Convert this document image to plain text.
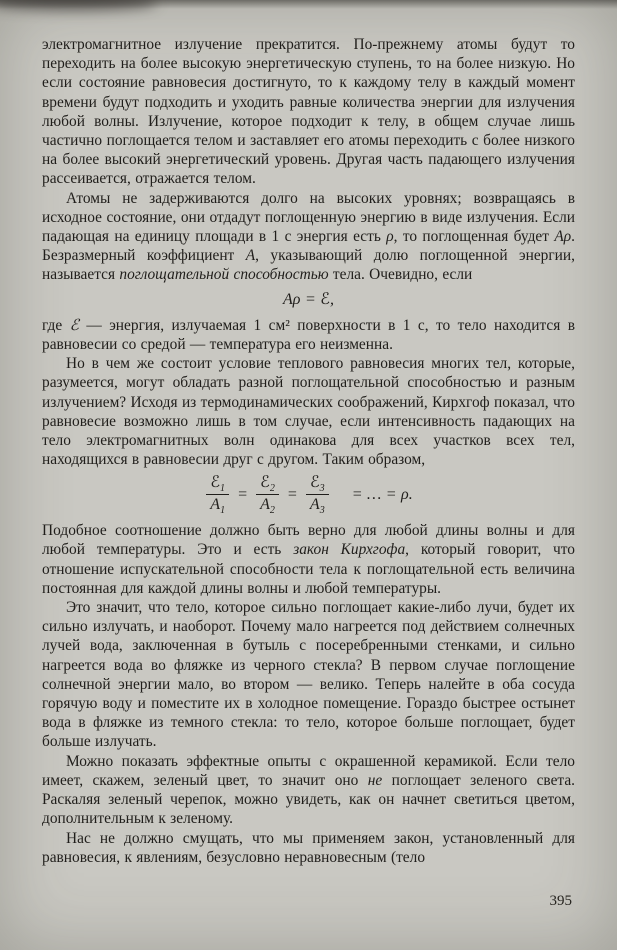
электромагнитное излучение прекратится. По-прежнему атомы будут то переходить на более высокую энергетическую ступень, то на более низкую. Но если состояние равновесия достигнуто, то к каждому телу в каждый момент времени будут подходить и уходить равные количества энергии для излучения любой волны. Излучение, которое подходит к телу, в общем случае лишь частично поглощается телом и заставляет его атомы переходить с более низкого на более высокий энергетический уровень. Другая часть падающего излучения рассеивается, отражается телом.

Атомы не задерживаются долго на высоких уровнях; возвращаясь в исходное состояние, они отдадут поглощенную энергию в виде излучения. Если падающая на единицу площади в 1 с энергия есть ρ, то поглощенная будет Aρ. Безразмерный коэффициент A, указывающий долю поглощенной энергии, называется поглощательной способностью тела. Очевидно, если

Aρ = ℰ,

где ℰ — энергия, излучаемая 1 см² поверхности в 1 с, то тело находится в равновесии со средой — температура его неизменна.

Но в чем же состоит условие теплового равновесия многих тел, которые, разумеется, могут обладать разной поглощательной способностью и разным излучением? Исходя из термодинамических соображений, Кирхгоф показал, что равновесие возможно лишь в том случае, если интенсивность падающих на тело электромагнитных волн одинакова для всех участков всех тел, находящихся в равновесии друг с другом. Таким образом,

$\frac{ℰ_1}{A_1} = \frac{ℰ_2}{A_2} = \frac{ℰ_3}{A_3}$ = … = ρ.

Подобное соотношение должно быть верно для любой длины волны и для любой температуры. Это и есть закон Кирхгофа, который говорит, что отношение испускательной способности тела к поглощательной есть величина постоянная для каждой длины волны и любой температуры.

Это значит, что тело, которое сильно поглощает какие-либо лучи, будет их сильно излучать, и наоборот. Почему мало нагреется под действием солнечных лучей вода, заключенная в бутыль с посеребренными стенками, и сильно нагреется вода во фляжке из черного стекла? В первом случае поглощение солнечной энергии мало, во втором — велико. Теперь налейте в оба сосуда горячую воду и поместите их в холодное помещение. Гораздо быстрее остынет вода в фляжке из темного стекла: то тело, которое больше поглощает, будет больше излучать.

Можно показать эффектные опыты с окрашенной керамикой. Если тело имеет, скажем, зеленый цвет, то значит оно не поглощает зеленого света. Раскаляя зеленый черепок, можно увидеть, как он начнет светиться цветом, дополнительным к зеленому.

Нас не должно смущать, что мы применяем закон, установленный для равновесия, к явлениям, безусловно неравновесным (тело

395
